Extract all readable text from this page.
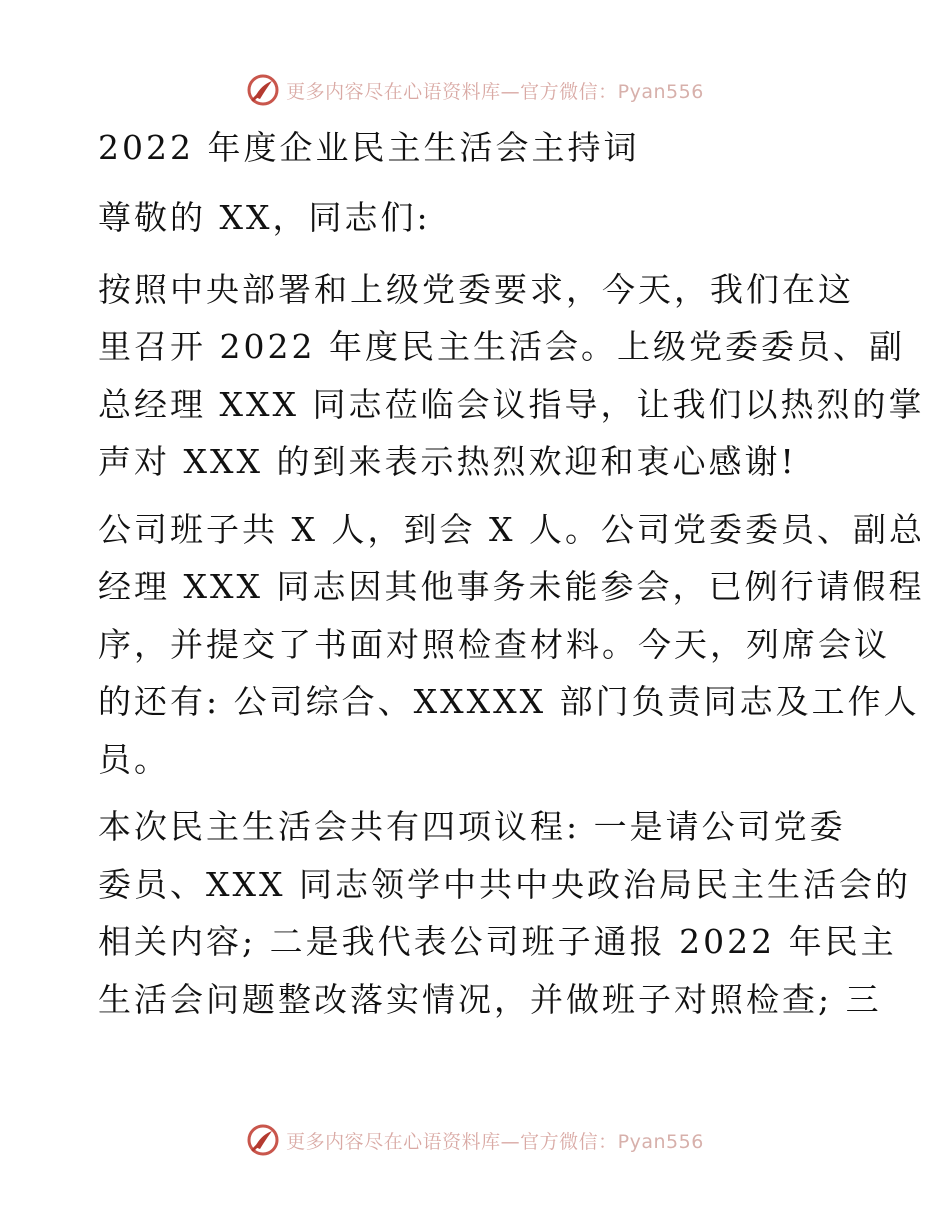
更多内容尽在心语资料库—官方微信：Pyan556
2022 年度企业民主生活会主持词
尊敬的 XX，同志们:
按照中央部署和上级党委要求，今天，我们在这
里召开 2022 年度民主生活会。上级党委委员、副
总经理 XXX 同志莅临会议指导，让我们以热烈的掌
声对 XXX 的到来表示热烈欢迎和衷心感谢!
公司班子共 X 人，到会 X 人。公司党委委员、副总
经理 XXX 同志因其他事务未能参会，已例行请假程
序，并提交了书面对照检查材料。今天，列席会议
的还有: 公司综合、XXXXX 部门负责同志及工作人
员。
本次民主生活会共有四项议程: 一是请公司党委
委员、XXX 同志领学中共中央政治局民主生活会的
相关内容; 二是我代表公司班子通报 2022 年民主
生活会问题整改落实情况，并做班子对照检查; 三
更多内容尽在心语资料库—官方微信：Pyan556
